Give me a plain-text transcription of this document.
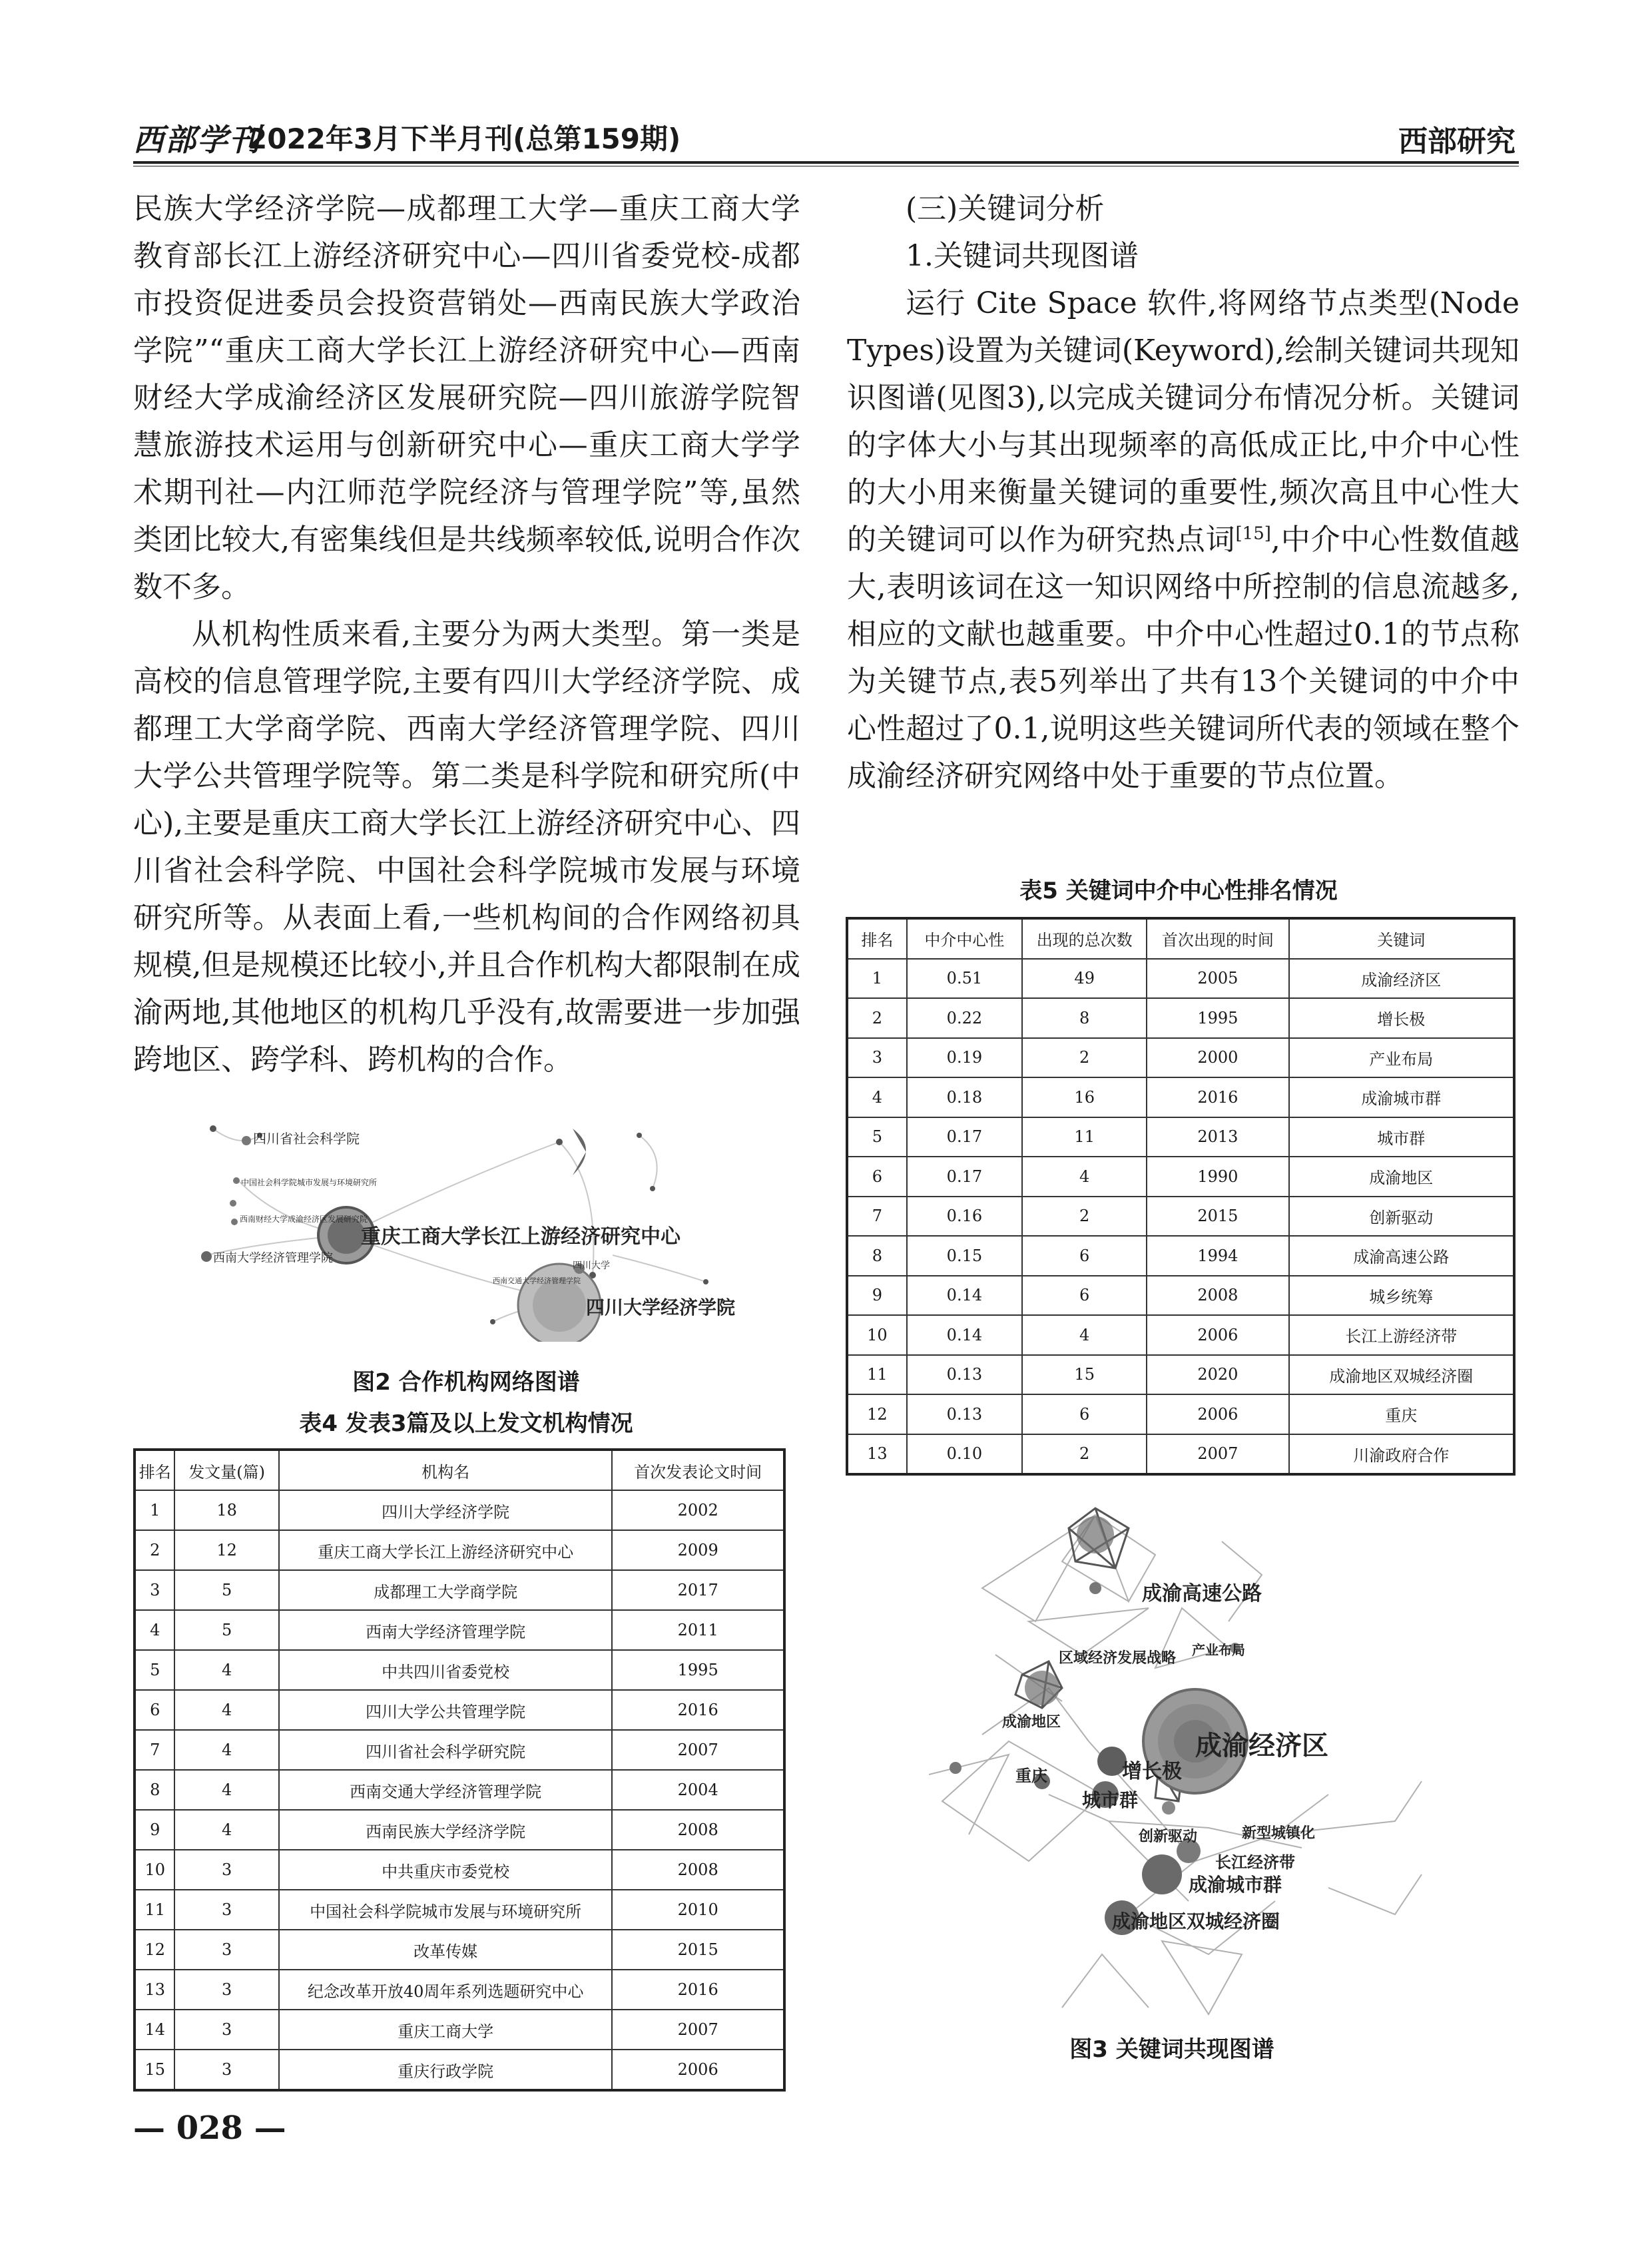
西部学刊
2022年3月下半月刊(总第159期)	西部研究

民族大学经济学院—成都理工大学—重庆工商大学教育部长江上游经济研究中心—四川省委党校-成都市投资促进委员会投资营销处—西南民族大学政治学院”“重庆工商大学长江上游经济研究中心—西南财经大学成渝经济区发展研究院—四川旅游学院智慧旅游技术运用与创新研究中心—重庆工商大学学术期刊社—内江师范学院经济与管理学院”等,虽然类团比较大,有密集线但是共线频率较低,说明合作次数不多。

从机构性质来看,主要分为两大类型。第一类是高校的信息管理学院,主要有四川大学经济学院、成都理工大学商学院、西南大学经济管理学院、四川大学公共管理学院等。第二类是科学院和研究所(中心),主要是重庆工商大学长江上游经济研究中心、四川省社会科学院、中国社会科学院城市发展与环境研究所等。从表面上看,一些机构间的合作网络初具规模,但是规模还比较小,并且合作机构大都限制在成渝两地,其他地区的机构几乎没有,故需要进一步加强跨地区、跨学科、跨机构的合作。

(三)关键词分析

1.关键词共现图谱

运行 Cite Space 软件,将网络节点类型(Node Types)设置为关键词(Keyword),绘制关键词共现知识图谱(见图3),以完成关键词分布情况分析。关键词的字体大小与其出现频率的高低成正比,中介中心性的大小用来衡量关键词的重要性,频次高且中心性大的关键词可以作为研究热点词[15],中介中心性数值越大,表明该词在这一知识网络中所控制的信息流越多,相应的文献也越重要。中介中心性超过0.1的节点称为关键节点,表5列举出了共有13个关键词的中介中心性超过了0.1,说明这些关键词所代表的领域在整个成渝经济研究网络中处于重要的节点位置。

四川省社会科学院
中国社会科学院城市发展与环境研究所
西南财经大学成渝经济区发展研究院
重庆工商大学长江上游经济研究中心
西南大学经济管理学院
西南交通大学经济管理学院
四川大学
四川大学经济学院
图2 合作机构网络图谱
表4 发表3篇及以上发文机构情况
排名	发文量(篇)	机构名	首次发表论文时间
1	18	四川大学经济学院	2002
2	12	重庆工商大学长江上游经济研究中心	2009
3	5	成都理工大学商学院	2017
4	5	西南大学经济管理学院	2011
5	4	中共四川省委党校	1995
6	4	四川大学公共管理学院	2016
7	4	四川省社会科学研究院	2007
8	4	西南交通大学经济管理学院	2004
9	4	西南民族大学经济学院	2008
10	3	中共重庆市委党校	2008
11	3	中国社会科学院城市发展与环境研究所	2010
12	3	改革传媒	2015
13	3	纪念改革开放40周年系列选题研究中心	2016
14	3	重庆工商大学	2007
15	3	重庆行政学院	2006
表5 关键词中介中心性排名情况
排名	中介中心性	出现的总次数	首次出现的时间	关键词
1	0.51	49	2005	成渝经济区
2	0.22	8	1995	增长极
3	0.19	2	2000	产业布局
4	0.18	16	2016	成渝城市群
5	0.17	11	2013	城市群
6	0.17	4	1990	成渝地区
7	0.16	2	2015	创新驱动
8	0.15	6	1994	成渝高速公路
9	0.14	6	2008	城乡统筹
10	0.14	4	2006	长江上游经济带
11	0.13	15	2020	成渝地区双城经济圈
12	0.13	6	2006	重庆
13	0.10	2	2007	川渝政府合作
成渝高速公路
区域经济发展战略 产业布局
成渝地区
成渝经济区
增长极
重庆
城市群
创新驱动	新型城镇化
长江经济带
成渝城市群
成渝地区双城经济圈
图3 关键词共现图谱
— 028 —
